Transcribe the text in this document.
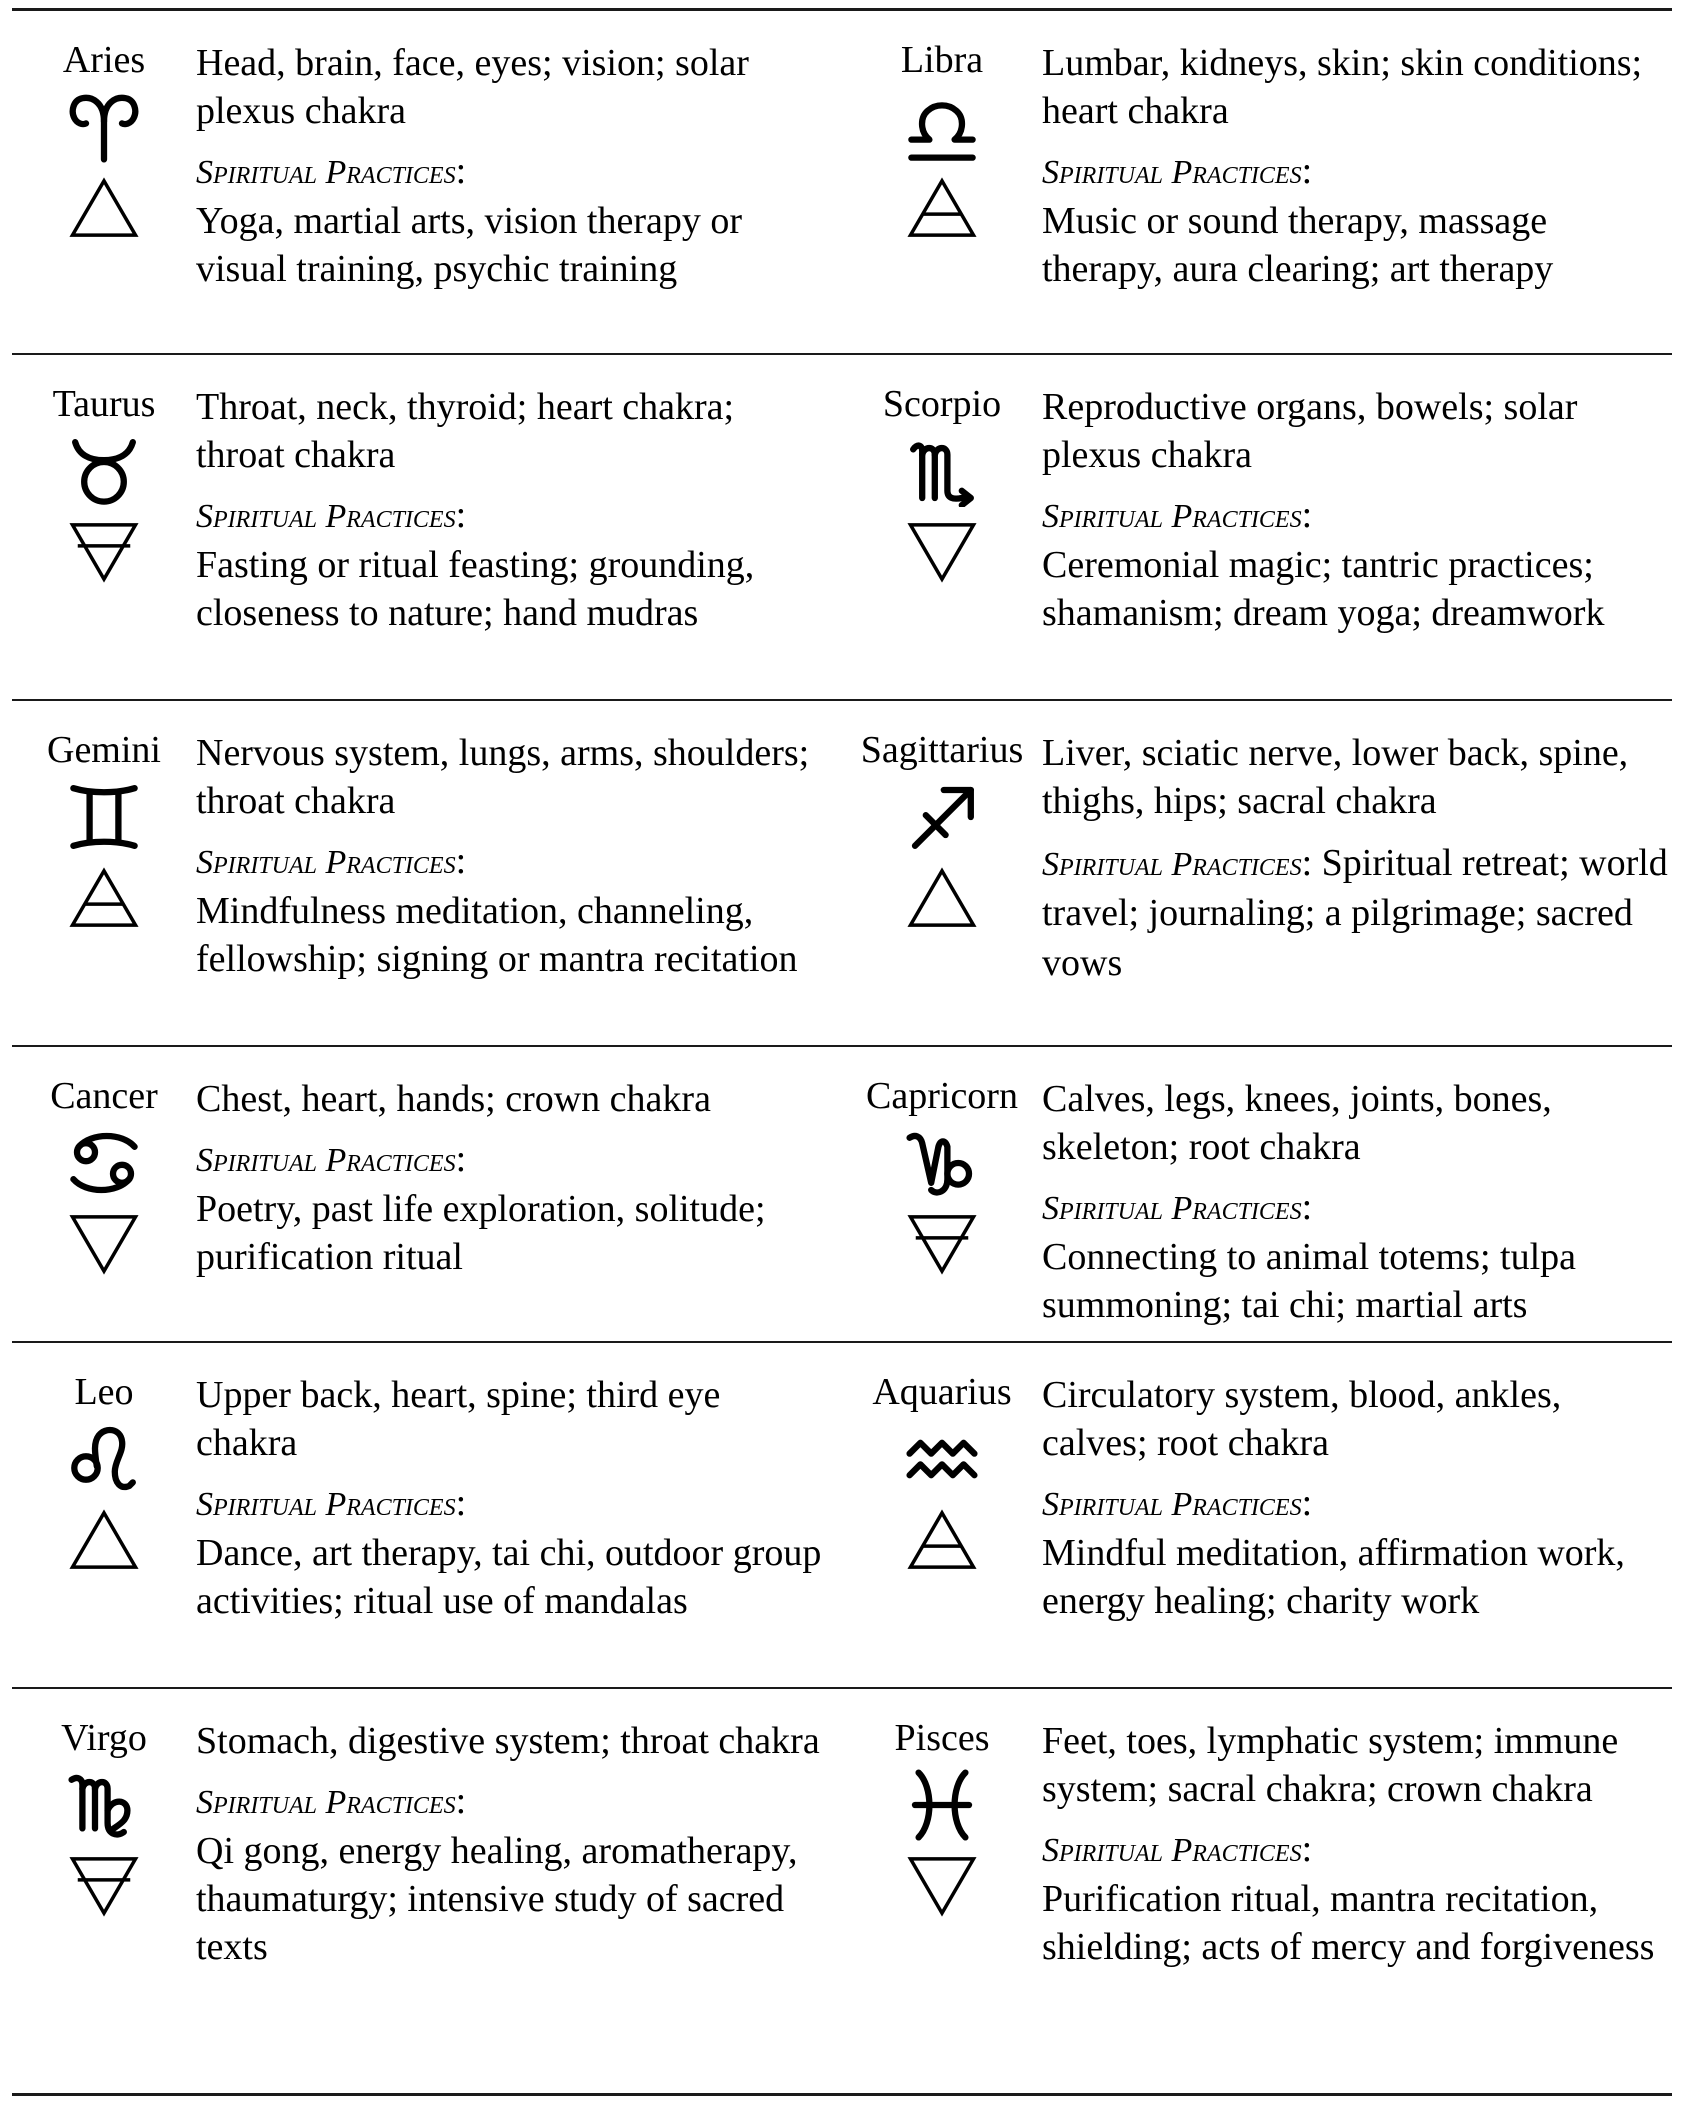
Aries Head, brain, face, eyes; vision; solar plexus chakra

Spiritual Practices:

Yoga, martial arts, vision therapy or visual training, psychic training

Libra Lumbar, kidneys, skin; skin conditions; heart chakra

Spiritual Practices:

Music or sound therapy, massage therapy, aura clearing; art therapy

Taurus Throat, neck, thyroid; heart chakra; throat chakra

Spiritual Practices:

Fasting or ritual feasting; grounding, closeness to nature; hand mudras

Scorpio Reproductive organs, bowels; solar plexus chakra

Spiritual Practices:

Ceremonial magic; tantric practices; shamanism; dream yoga; dreamwork

Gemini Nervous system, lungs, arms, shoulders; throat chakra

Spiritual Practices:

Mindfulness meditation, channeling, fellowship; signing or mantra recitation

Sagittarius Liver, sciatic nerve, lower back, spine, thighs, hips; sacral chakra

Spiritual Practices: Spiritual retreat; world travel; journaling; a pilgrimage; sacred vows
Cancer Chest, heart, hands; crown chakra

Spiritual Practices:

Poetry, past life exploration, solitude; purification ritual

Capricorn Calves, legs, knees, joints, bones, skeleton; root chakra

Spiritual Practices:

Connecting to animal totems; tulpa summoning; tai chi; martial arts

Leo Upper back, heart, spine; third eye chakra

Spiritual Practices:

Dance, art therapy, tai chi, outdoor group activities; ritual use of mandalas

Aquarius Circulatory system, blood, ankles, calves; root chakra

Spiritual Practices:

Mindful meditation, affirmation work, energy healing; charity work

Virgo Stomach, digestive system; throat chakra

Spiritual Practices:

Qi gong, energy healing, aromatherapy, thaumaturgy; intensive study of sacred texts

Pisces Feet, toes, lymphatic system; immune system; sacral chakra; crown chakra

Spiritual Practices:

Purification ritual, mantra recitation, shielding; acts of mercy and forgiveness
